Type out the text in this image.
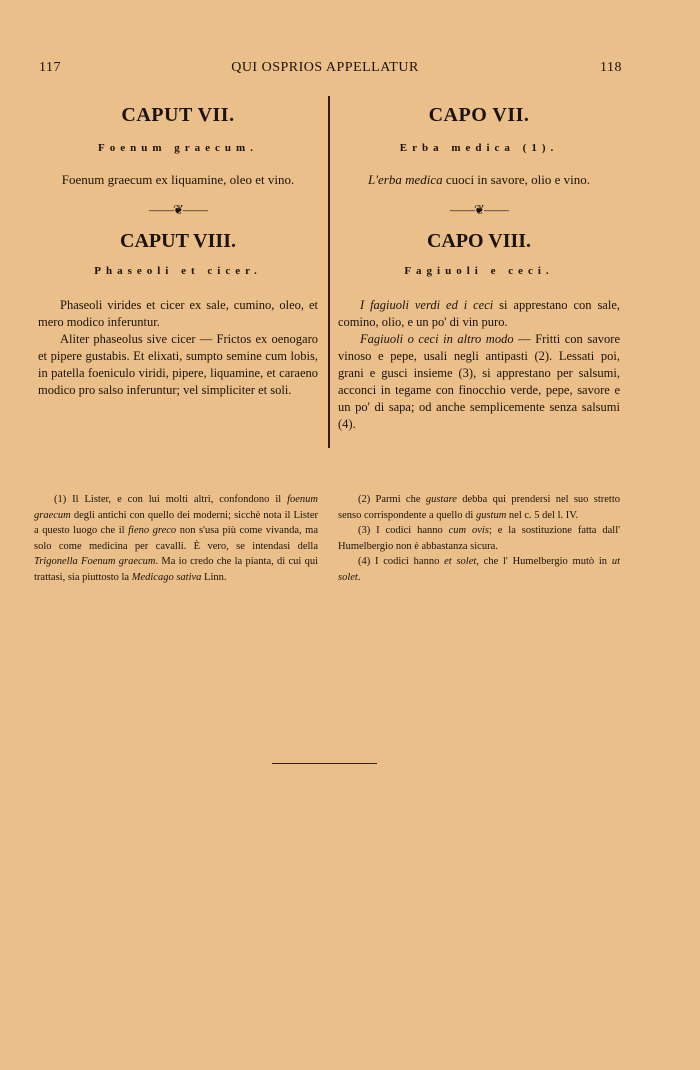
117	QUI OSPRIOS APPELLATUR	118
CAPUT VII.
Foenum graecum.
Foenum graecum ex liquamine, oleo et vino.
——❦——
CAPUT VIII.
Phaseoli et cicer.

Phaseoli virides et cicer ex sale, cumino, oleo, et mero modico inferuntur.

Aliter phaseolus sive cicer — Frictos ex oenogaro et pipere gustabis. Et elixati, sumpto semine cum lobis, in patella foeniculo viridi, pipere, liquamine, et caraeno modico pro salso inferuntur; vel simpliciter et soli.

CAPO VII.
Erba medica (1).
L'erba medica cuoci in savore, olio e vino.
——❦——
CAPO VIII.
Fagiuoli e ceci.

I fagiuoli verdi ed i ceci si apprestano con sale, comino, olio, e un po' di vin puro.

Fagiuoli o ceci in altro modo — Fritti con savore vinoso e pepe, usali negli antipasti (2). Lessati poi, grani e gusci insieme (3), si apprestano per salsumi, acconci in tegame con finocchio verde, pepe, savore e un po' di sapa; od anche semplicemente senza salsumi (4).

(1) Il Lister, e con lui molti altri, confondono il foenum graecum degli antichi con quello dei moderni; sicchè nota il Lister a questo luogo che il fieno greco non s'usa più come vivanda, ma solo come medicina per cavalli. È vero, se intendasi della Trigonella Foenum graecum. Ma io credo che la pianta, di cui qui trattasi, sia piuttosto la Medicago sativa Linn.

(2) Parmi che gustare debba qui prendersi nel suo stretto senso corrispondente a quello di gustum nel c. 5 del l. IV.

(3) I codici hanno cum ovis; e la sostituzione fatta dall' Humelbergio non è abbastanza sicura.

(4) I codici hanno et solet, che l' Humelbergio mutò in ut solet.
